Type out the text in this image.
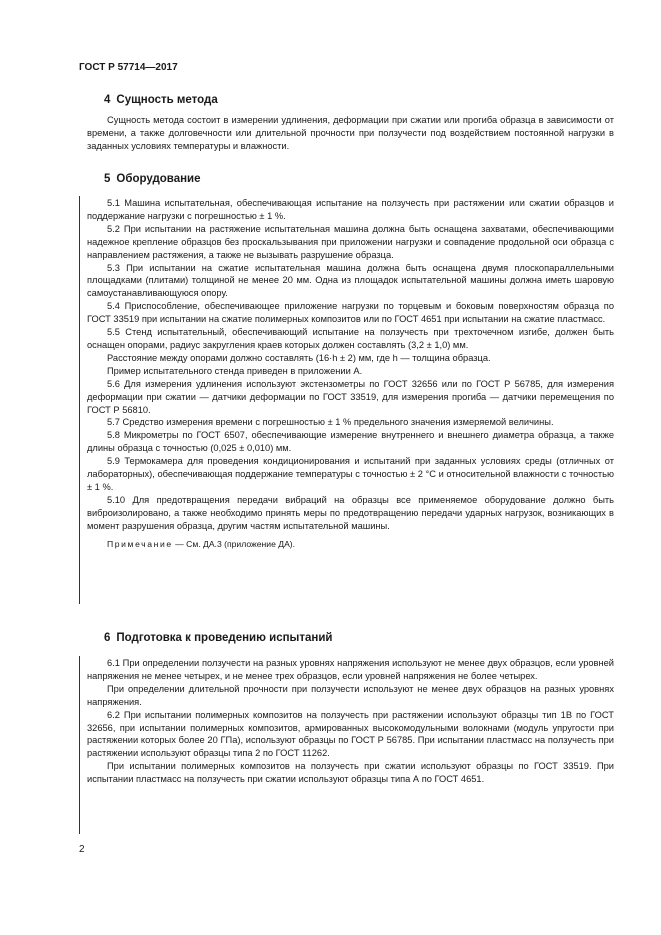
ГОСТ Р 57714—2017
4 Сущность метода

Сущность метода состоит в измерении удлинения, деформации при сжатии или прогиба образца в зависимости от времени, а также долговечности или длительной прочности при ползучести под воздействием постоянной нагрузки в заданных условиях температуры и влажности.

5 Оборудование

5.1 Машина испытательная, обеспечивающая испытание на ползучесть при растяжении или сжатии образцов и поддержание нагрузки с погрешностью ± 1 %.

5.2 При испытании на растяжение испытательная машина должна быть оснащена захватами, обеспечивающими надежное крепление образцов без проскальзывания при приложении нагрузки и совпадение продольной оси образца с направлением растяжения, а также не вызывать разрушение образца.

5.3 При испытании на сжатие испытательная машина должна быть оснащена двумя плоскопараллельными площадками (плитами) толщиной не менее 20 мм. Одна из площадок испытательной машины должна иметь шаровую самоустанавливающуюся опору.

5.4 Приспособление, обеспечивающее приложение нагрузки по торцевым и боковым поверхностям образца по ГОСТ 33519 при испытании на сжатие полимерных композитов или по ГОСТ 4651 при испытании на сжатие пластмасс.

5.5 Стенд испытательный, обеспечивающий испытание на ползучесть при трехточечном изгибе, должен быть оснащен опорами, радиус закругления краев которых должен составлять (3,2 ± 1,0) мм.

Расстояние между опорами должно составлять (16·h ± 2) мм, где h — толщина образца.

Пример испытательного стенда приведен в приложении А.

5.6 Для измерения удлинения используют экстензометры по ГОСТ 32656 или по ГОСТ Р 56785, для измерения деформации при сжатии — датчики деформации по ГОСТ 33519, для измерения прогиба — датчики перемещения по ГОСТ Р 56810.

5.7 Средство измерения времени с погрешностью ± 1 % предельного значения измеряемой величины.

5.8 Микрометры по ГОСТ 6507, обеспечивающие измерение внутреннего и внешнего диаметра образца, а также длины образца с точностью (0,025 ± 0,010) мм.

5.9 Термокамера для проведения кондиционирования и испытаний при заданных условиях среды (отличных от лабораторных), обеспечивающая поддержание температуры с точностью ± 2 °С и относительной влажности с точностью ± 1 %.

5.10 Для предотвращения передачи вибраций на образцы все применяемое оборудование должно быть виброизолировано, а также необходимо принять меры по предотвращению передачи ударных нагрузок, возникающих в момент разрушения образца, другим частям испытательной машины.

Примечание — См. ДА.3 (приложение ДА).

6 Подготовка к проведению испытаний

6.1 При определении ползучести на разных уровнях напряжения используют не менее двух образцов, если уровней напряжения не менее четырех, и не менее трех образцов, если уровней напряжения не более четырех.

При определении длительной прочности при ползучести используют не менее двух образцов на разных уровнях напряжения.

6.2 При испытании полимерных композитов на ползучесть при растяжении используют образцы тип 1В по ГОСТ 32656, при испытании полимерных композитов, армированных высокомодульными волокнами (модуль упругости при растяжении которых более 20 ГПа), используют образцы по ГОСТ Р 56785. При испытании пластмасс на ползучесть при растяжении используют образцы типа 2 по ГОСТ 11262.

При испытании полимерных композитов на ползучесть при сжатии используют образцы по ГОСТ 33519. При испытании пластмасс на ползучесть при сжатии используют образцы типа А по ГОСТ 4651.

2
